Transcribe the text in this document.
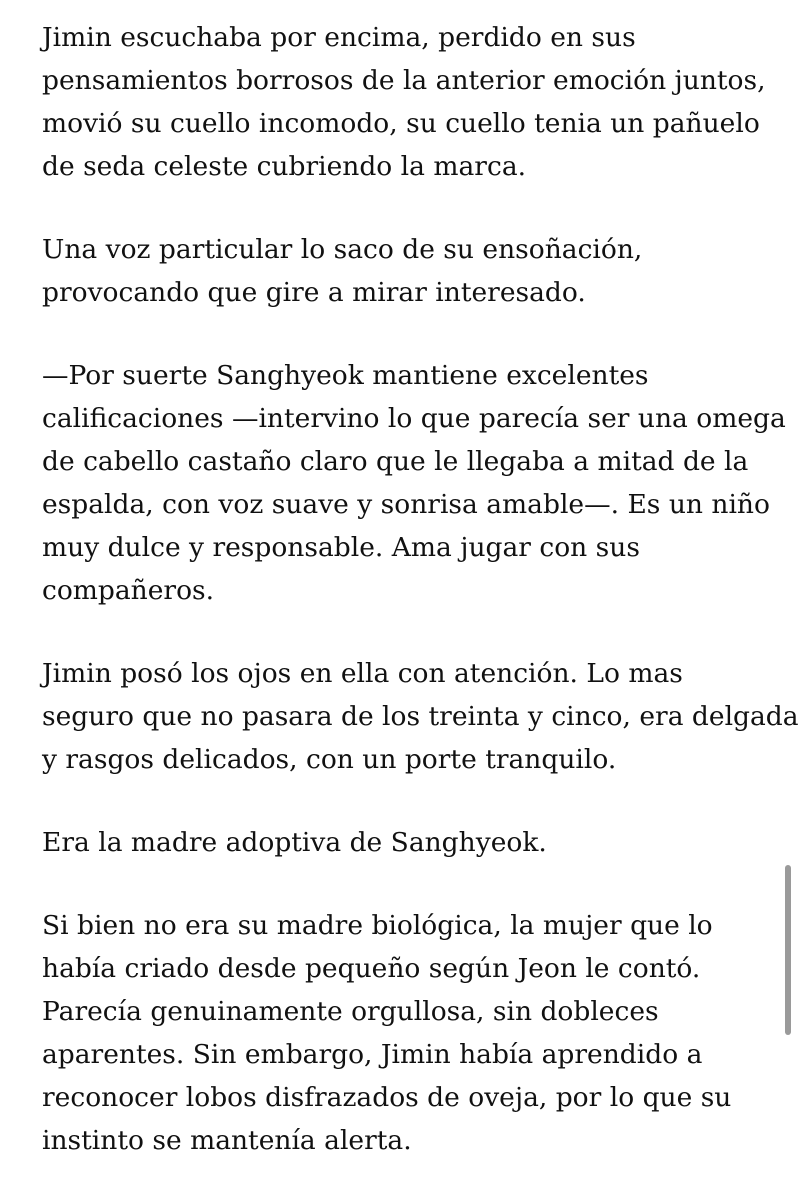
Jimin escuchaba por encima, perdido en sus
pensamientos borrosos de la anterior emoción juntos,
movió su cuello incomodo, su cuello tenia un pañuelo
de seda celeste cubriendo la marca.
Una voz particular lo saco de su ensoñación,
provocando que gire a mirar interesado.
—Por suerte Sanghyeok mantiene excelentes
calificaciones —intervino lo que parecía ser una omega
de cabello castaño claro que le llegaba a mitad de la
espalda, con voz suave y sonrisa amable—. Es un niño
muy dulce y responsable. Ama jugar con sus
compañeros.
Jimin posó los ojos en ella con atención. Lo mas
seguro que no pasara de los treinta y cinco, era delgada
y rasgos delicados, con un porte tranquilo.
Era la madre adoptiva de Sanghyeok.
Si bien no era su madre biológica, la mujer que lo
había criado desde pequeño según Jeon le contó.
Parecía genuinamente orgullosa, sin dobleces
aparentes. Sin embargo, Jimin había aprendido a
reconocer lobos disfrazados de oveja, por lo que su
instinto se mantenía alerta.
